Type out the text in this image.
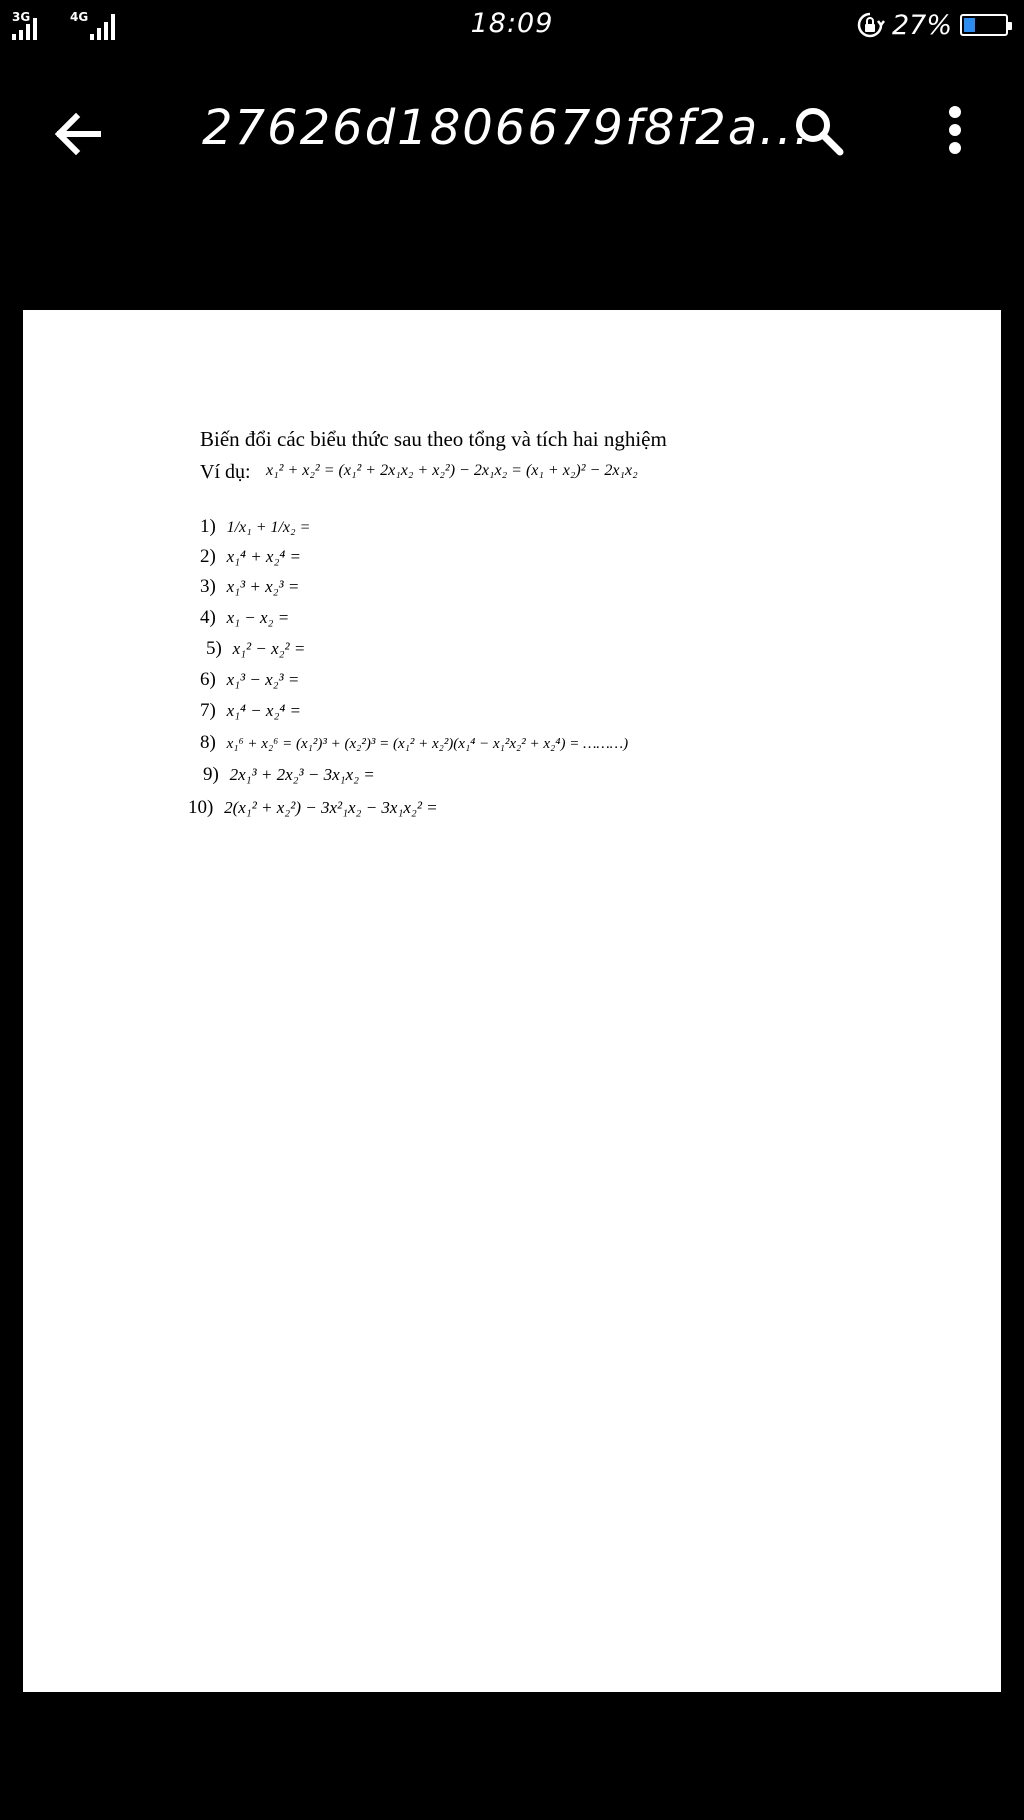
3G	4G	18:09	27%
27626d1806679f8f2a...
Biến đổi các biểu thức sau theo tổng và tích hai nghiệm
Ví dụ: x₁² + x₂² = (x₁² + 2x₁x₂ + x₂²) − 2x₁x₂ = (x₁ + x₂)² − 2x₁x₂
1) 1/x₁ + 1/x₂ =
2) x₁⁴ + x₂⁴ =
3) x₁³ + x₂³ =
4) x₁ − x₂ =
5) x₁² − x₂² =
6) x₁³ − x₂³ =
7) x₁⁴ − x₂⁴ =
8) x₁⁶ + x₂⁶ = (x₁²)³ + (x₂²)³ = (x₁² + x₂²)(x₁⁴ − x₁²x₂² + x₂⁴) = ………)
9) 2x₁³ + 2x₂³ − 3x₁x₂ =
10) 2(x₁² + x₂²) − 3x²₁x₂ − 3x₁x₂² =
